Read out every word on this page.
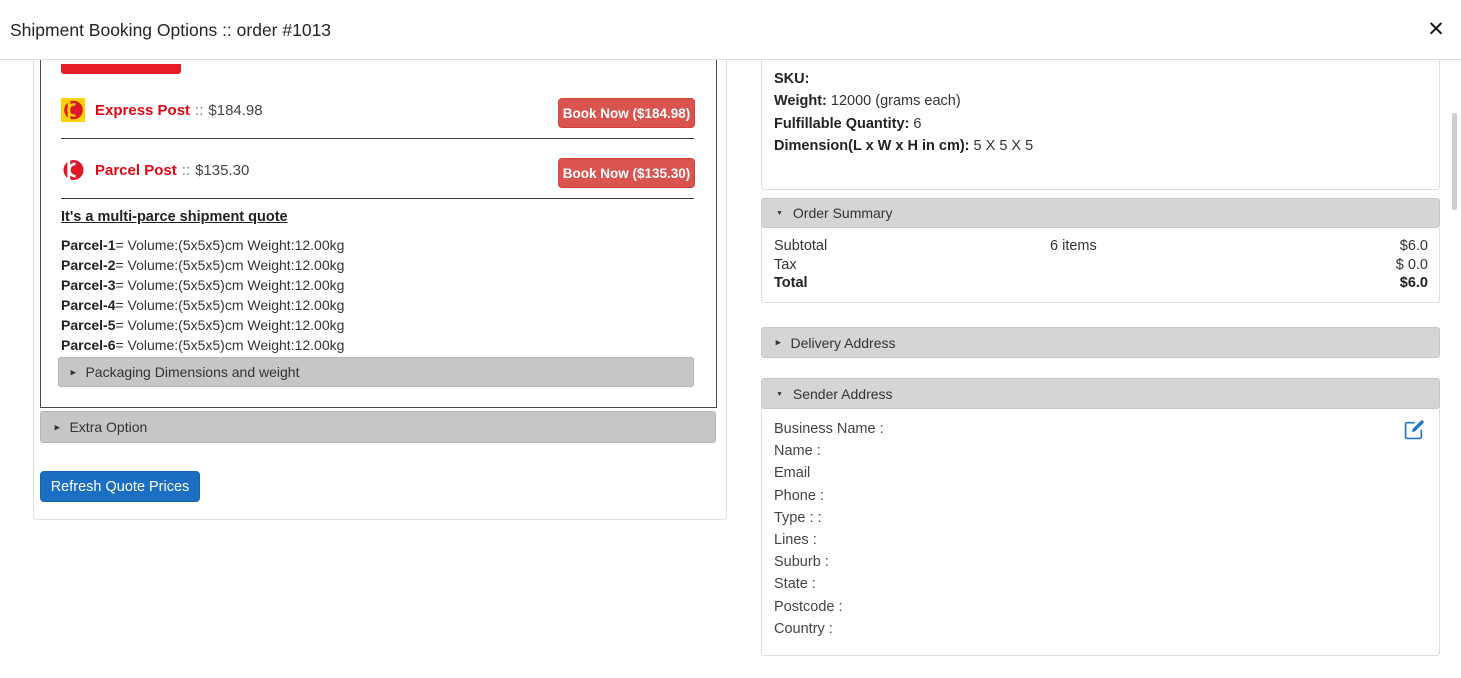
Shipment Booking Options :: order #1013	✕
Express Post :: $184.98	Book Now ($184.98)
Parcel Post :: $135.30	Book Now ($135.30)
It's a multi-parce shipment quote
Parcel-1= Volume:(5x5x5)cm Weight:12.00kg
Parcel-2= Volume:(5x5x5)cm Weight:12.00kg
Parcel-3= Volume:(5x5x5)cm Weight:12.00kg
Parcel-4= Volume:(5x5x5)cm Weight:12.00kg
Parcel-5= Volume:(5x5x5)cm Weight:12.00kg
Parcel-6= Volume:(5x5x5)cm Weight:12.00kg
▶ Packaging Dimensions and weight
▶ Extra Option
Refresh Quote Prices
SKU:
Weight: 12000 (grams each)
Fulfillable Quantity: 6
Dimension(L x W x H in cm): 5 X 5 X 5
▼ Order Summary
Subtotal	6 items	$6.0
Tax	$ 0.0
Total	$6.0
▶ Delivery Address
▼ Sender Address
Business Name :
Name :
Email
Phone :
Type : :
Lines :
Suburb :
State :
Postcode :
Country :
